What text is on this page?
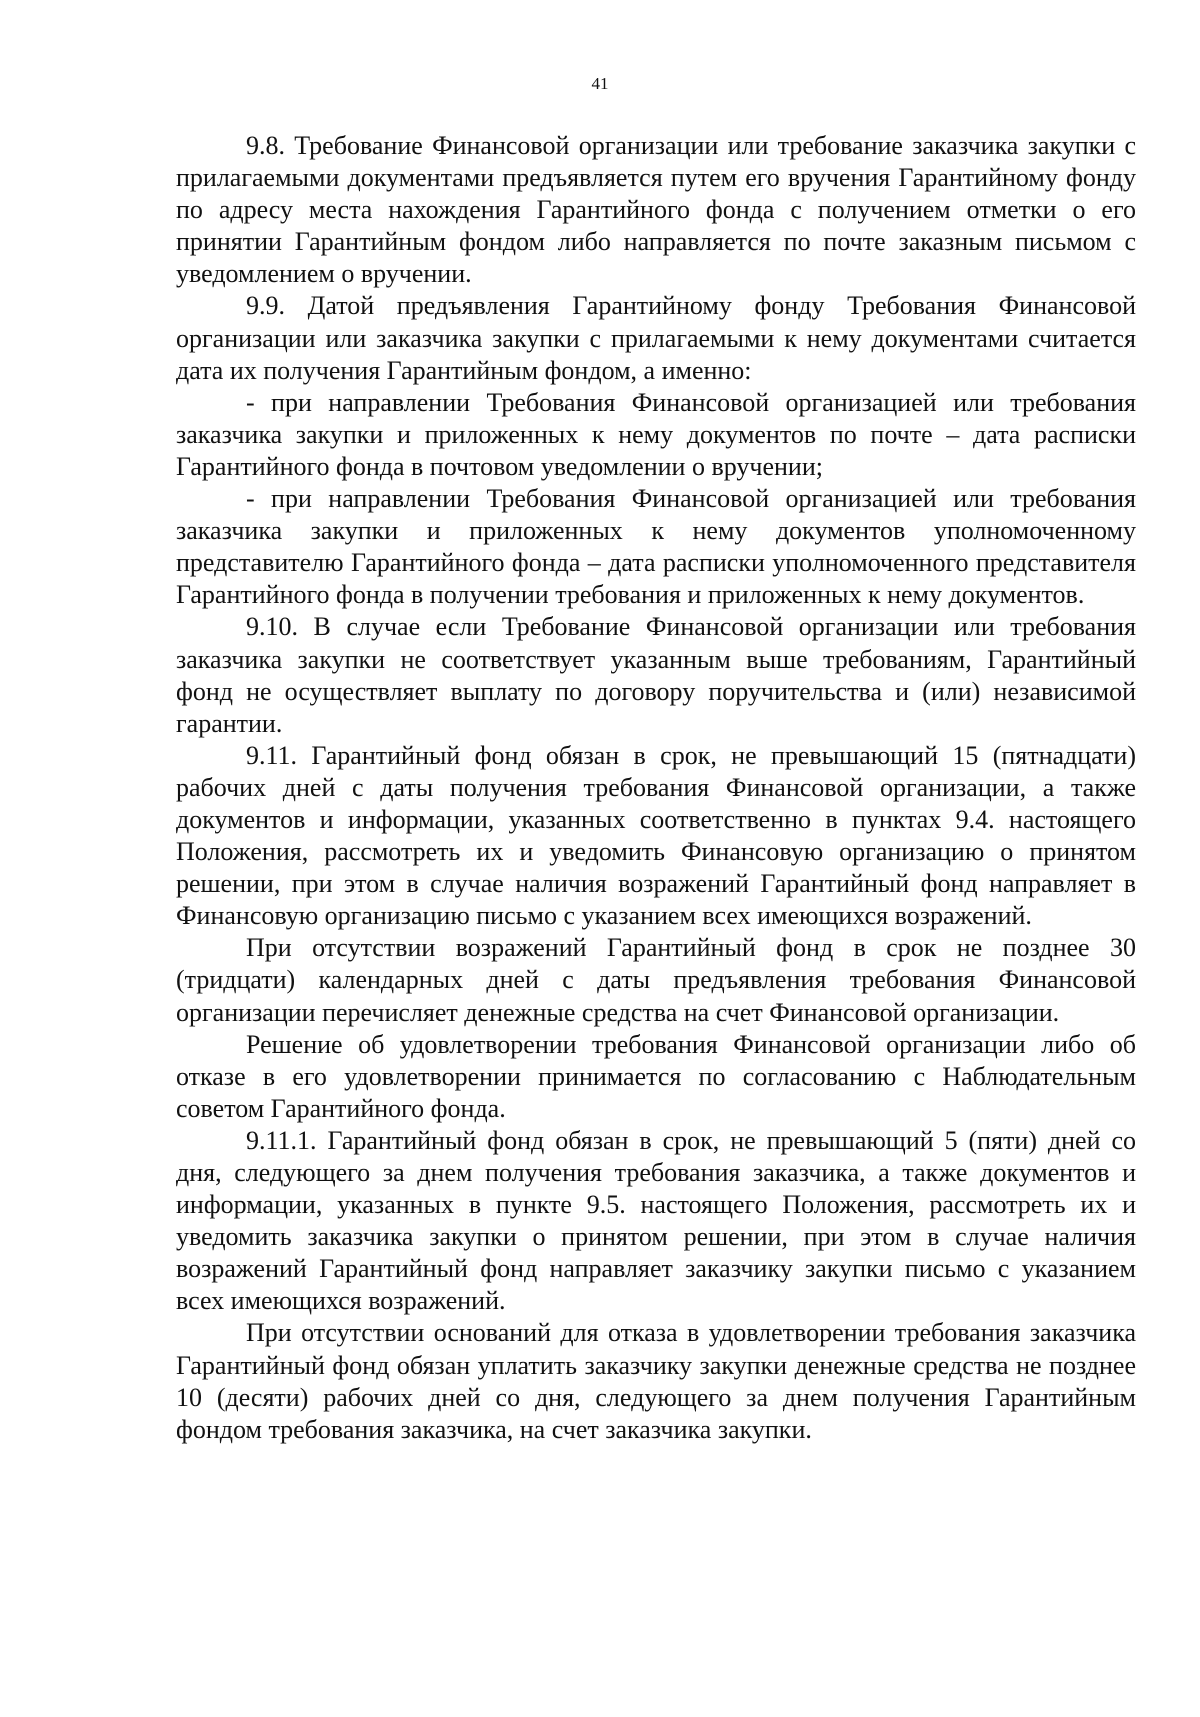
41

9.8. Требование Финансовой организации или требование заказчика закупки с прилагаемыми документами предъявляется путем его вручения Гарантийному фонду по адресу места нахождения Гарантийного фонда с получением отметки о его принятии Гарантийным фондом либо направляется по почте заказным письмом с уведомлением о вручении.

9.9. Датой предъявления Гарантийному фонду Требования Финансовой организации или заказчика закупки с прилагаемыми к нему документами считается дата их получения Гарантийным фондом, а именно:

- при направлении Требования Финансовой организацией или требования заказчика закупки и приложенных к нему документов по почте – дата расписки Гарантийного фонда в почтовом уведомлении о вручении;

- при направлении Требования Финансовой организацией или требования заказчика закупки и приложенных к нему документов уполномоченному представителю Гарантийного фонда – дата расписки уполномоченного представителя Гарантийного фонда в получении требования и приложенных к нему документов.

9.10. В случае если Требование Финансовой организации или требования заказчика закупки не соответствует указанным выше требованиям, Гарантийный фонд не осуществляет выплату по договору поручительства и (или) независимой гарантии.

9.11. Гарантийный фонд обязан в срок, не превышающий 15 (пятнадцати) рабочих дней с даты получения требования Финансовой организации, а также документов и информации, указанных соответственно в пунктах 9.4. настоящего Положения, рассмотреть их и уведомить Финансовую организацию о принятом решении, при этом в случае наличия возражений Гарантийный фонд направляет в Финансовую организацию письмо с указанием всех имеющихся возражений.

При отсутствии возражений Гарантийный фонд в срок не позднее 30 (тридцати) календарных дней с даты предъявления требования Финансовой организации перечисляет денежные средства на счет Финансовой организации.

Решение об удовлетворении требования Финансовой организации либо об отказе в его удовлетворении принимается по согласованию с Наблюдательным советом Гарантийного фонда.

9.11.1. Гарантийный фонд обязан в срок, не превышающий 5 (пяти) дней со дня, следующего за днем получения требования заказчика, а также документов и информации, указанных в пункте 9.5. настоящего Положения, рассмотреть их и уведомить заказчика закупки о принятом решении, при этом в случае наличия возражений Гарантийный фонд направляет заказчику закупки письмо с указанием всех имеющихся возражений.

При отсутствии оснований для отказа в удовлетворении требования заказчика Гарантийный фонд обязан уплатить заказчику закупки денежные средства не позднее 10 (десяти) рабочих дней со дня, следующего за днем получения Гарантийным фондом требования заказчика, на счет заказчика закупки.
